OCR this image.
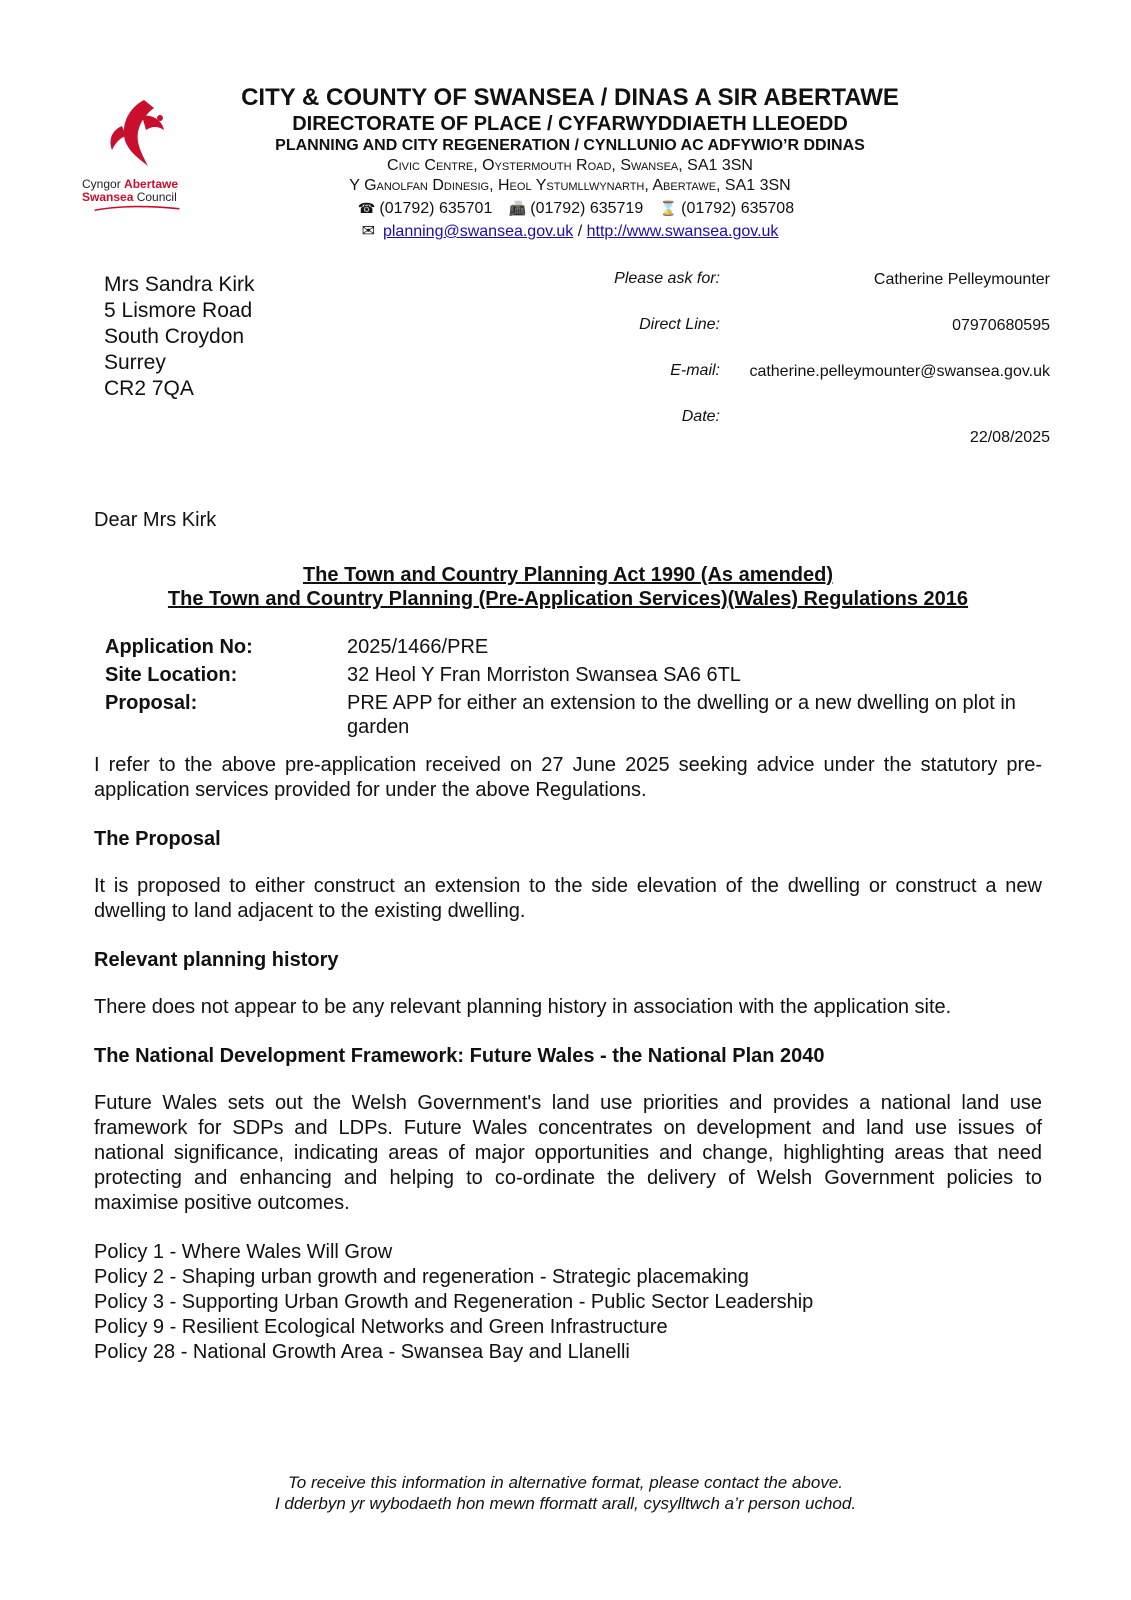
Cyngor Abertawe
Swansea Council
CITY & COUNTY OF SWANSEA / DINAS A SIR ABERTAWE
DIRECTORATE OF PLACE / CYFARWYDDIAETH LLEOEDD
PLANNING AND CITY REGENERATION / CYNLLUNIO AC ADFYWIO’R DDINAS
Civic Centre, Oystermouth Road, Swansea, SA1 3SN
Y Ganolfan Ddinesig, Heol Ystumllwynarth, Abertawe, SA1 3SN
☎ (01792) 635701 📠 (01792) 635719 ⌛ (01792) 635708
✉ planning@swansea.gov.uk / http://www.swansea.gov.uk
Mrs Sandra Kirk
5 Lismore Road
South Croydon
Surrey
CR2 7QA
Please ask for:	Catherine Pelleymounter
Direct Line:	07970680595
E-mail:	catherine.pelleymounter@swansea.gov.uk
Date:
22/08/2025

Dear Mrs Kirk

The Town and Country Planning Act 1990 (As amended)
The Town and Country Planning (Pre-Application Services)(Wales) Regulations 2016
Application No:	2025/1466/PRE
Site Location:	32 Heol Y Fran Morriston Swansea SA6 6TL
Proposal:	PRE APP for either an extension to the dwelling or a new dwelling on plot in garden

I refer to the above pre-application received on 27 June 2025 seeking advice under the statutory pre-application services provided for under the above Regulations.

The Proposal

It is proposed to either construct an extension to the side elevation of the dwelling or construct a new dwelling to land adjacent to the existing dwelling.

Relevant planning history

There does not appear to be any relevant planning history in association with the application site.

The National Development Framework: Future Wales - the National Plan 2040

Future Wales sets out the Welsh Government's land use priorities and provides a national land use framework for SDPs and LDPs. Future Wales concentrates on development and land use issues of national significance, indicating areas of major opportunities and change, highlighting areas that need protecting and enhancing and helping to co-ordinate the delivery of Welsh Government policies to maximise positive outcomes.

Policy 1 - Where Wales Will Grow
Policy 2 - Shaping urban growth and regeneration - Strategic placemaking
Policy 3 - Supporting Urban Growth and Regeneration - Public Sector Leadership
Policy 9 - Resilient Ecological Networks and Green Infrastructure
Policy 28 - National Growth Area - Swansea Bay and Llanelli
To receive this information in alternative format, please contact the above.
I dderbyn yr wybodaeth hon mewn fformatt arall, cysylltwch a’r person uchod.
